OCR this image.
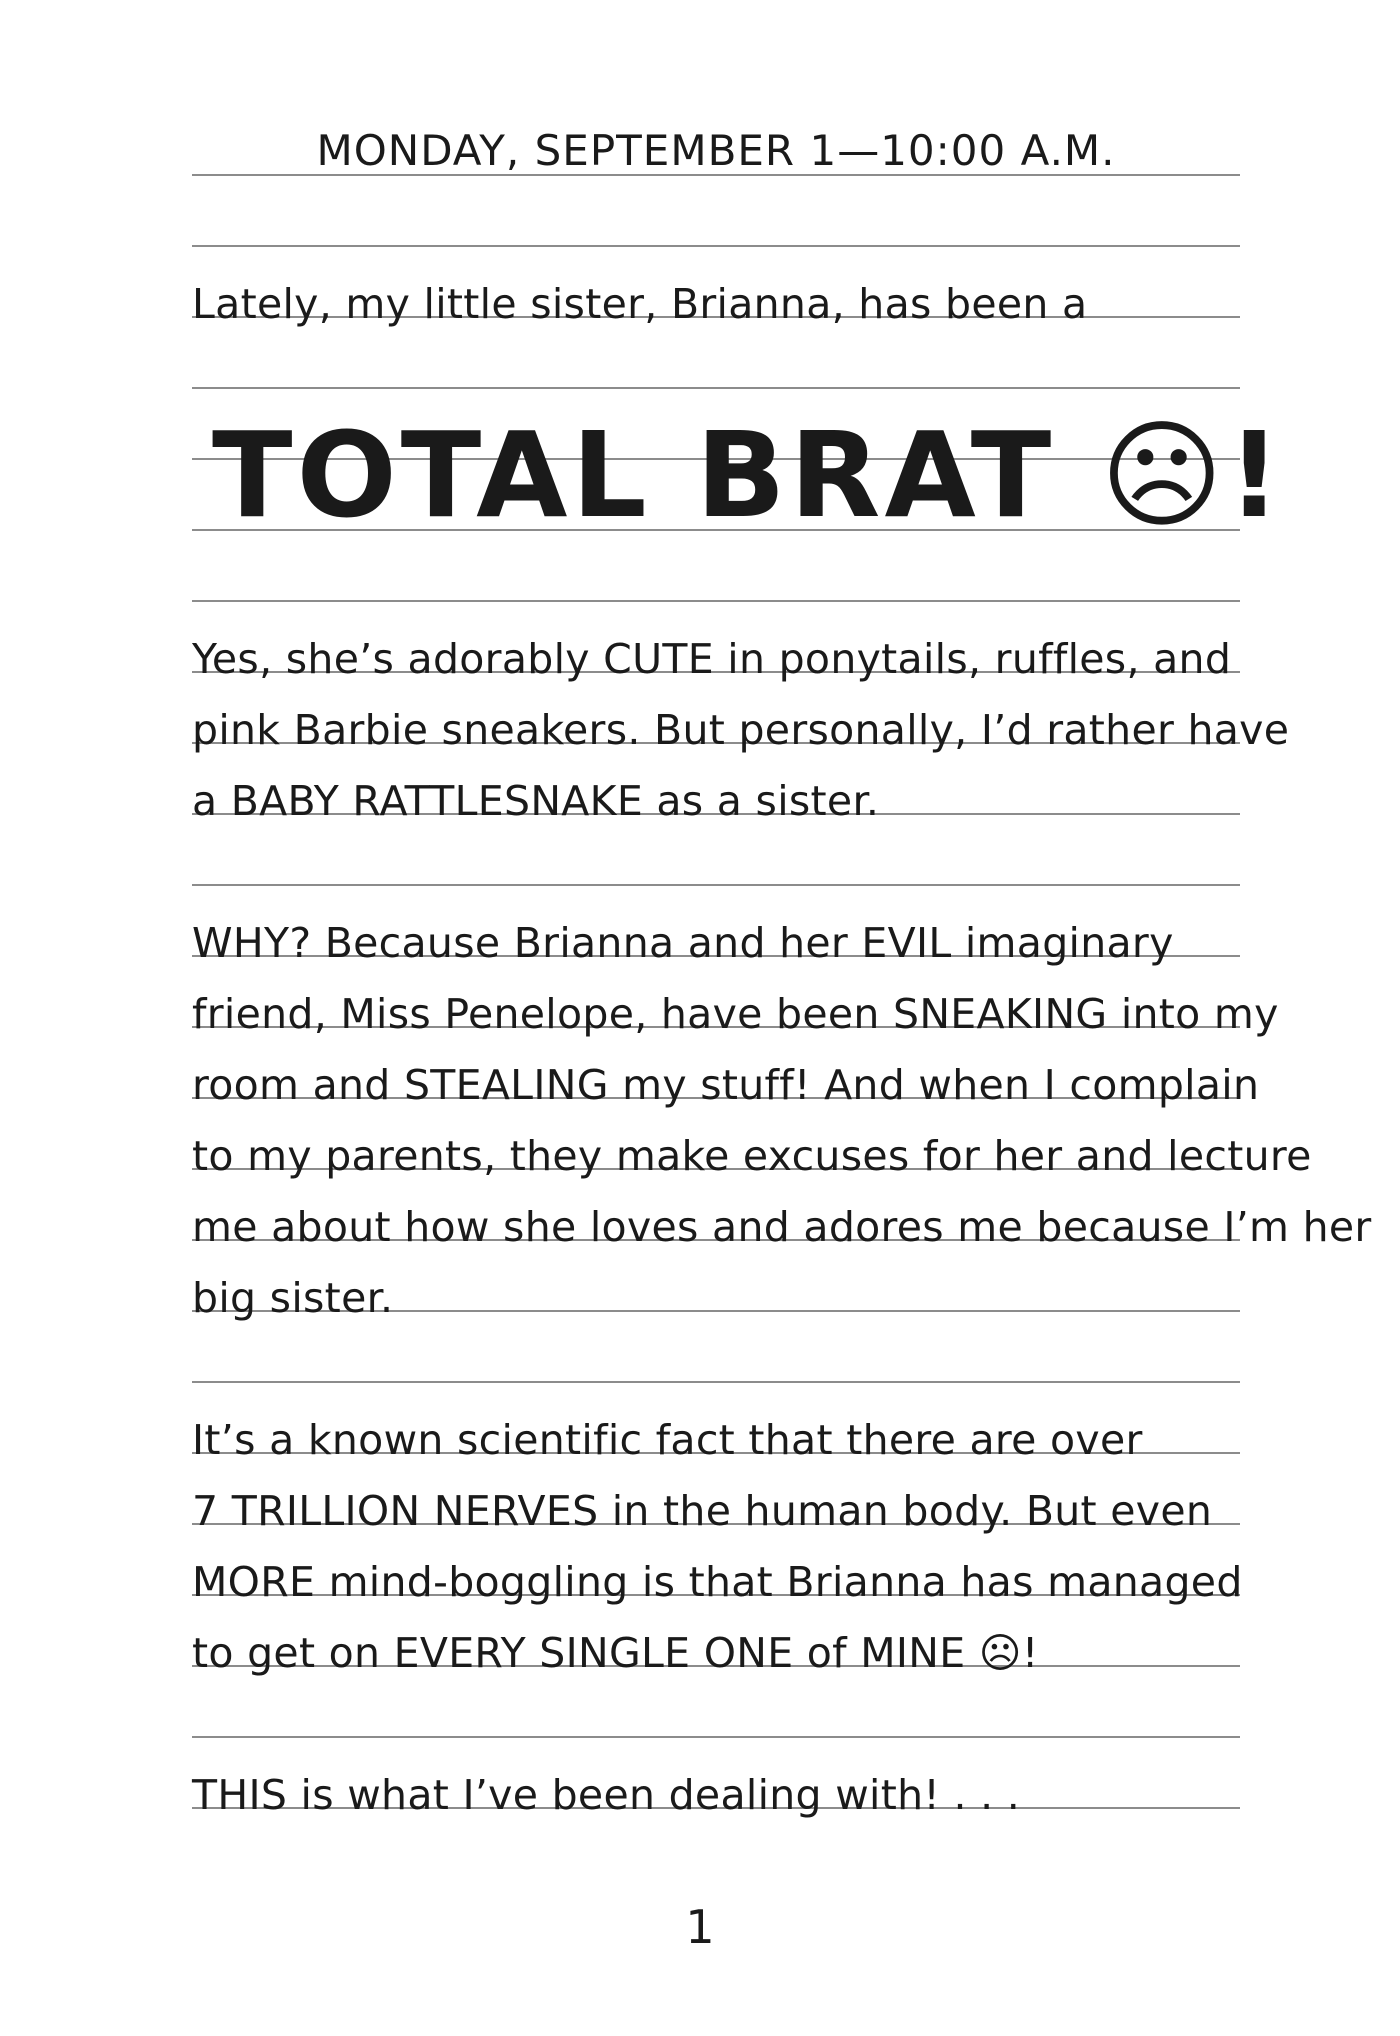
MONDAY, SEPTEMBER 1—10:00 A.M.
Lately, my little sister, Brianna, has been a
TOTAL BRAT ☹!
Yes, she’s adorably CUTE in ponytails, ruffles, and
pink Barbie sneakers. But personally, I’d rather have
a BABY RATTLESNAKE as a sister.
WHY? Because Brianna and her EVIL imaginary
friend, Miss Penelope, have been SNEAKING into my
room and STEALING my stuff! And when I complain
to my parents, they make excuses for her and lecture
me about how she loves and adores me because I’m her
big sister.
It’s a known scientific fact that there are over
7 TRILLION NERVES in the human body. But even
MORE mind-boggling is that Brianna has managed
to get on EVERY SINGLE ONE of MINE ☹!
THIS is what I’ve been dealing with! . . .
1
